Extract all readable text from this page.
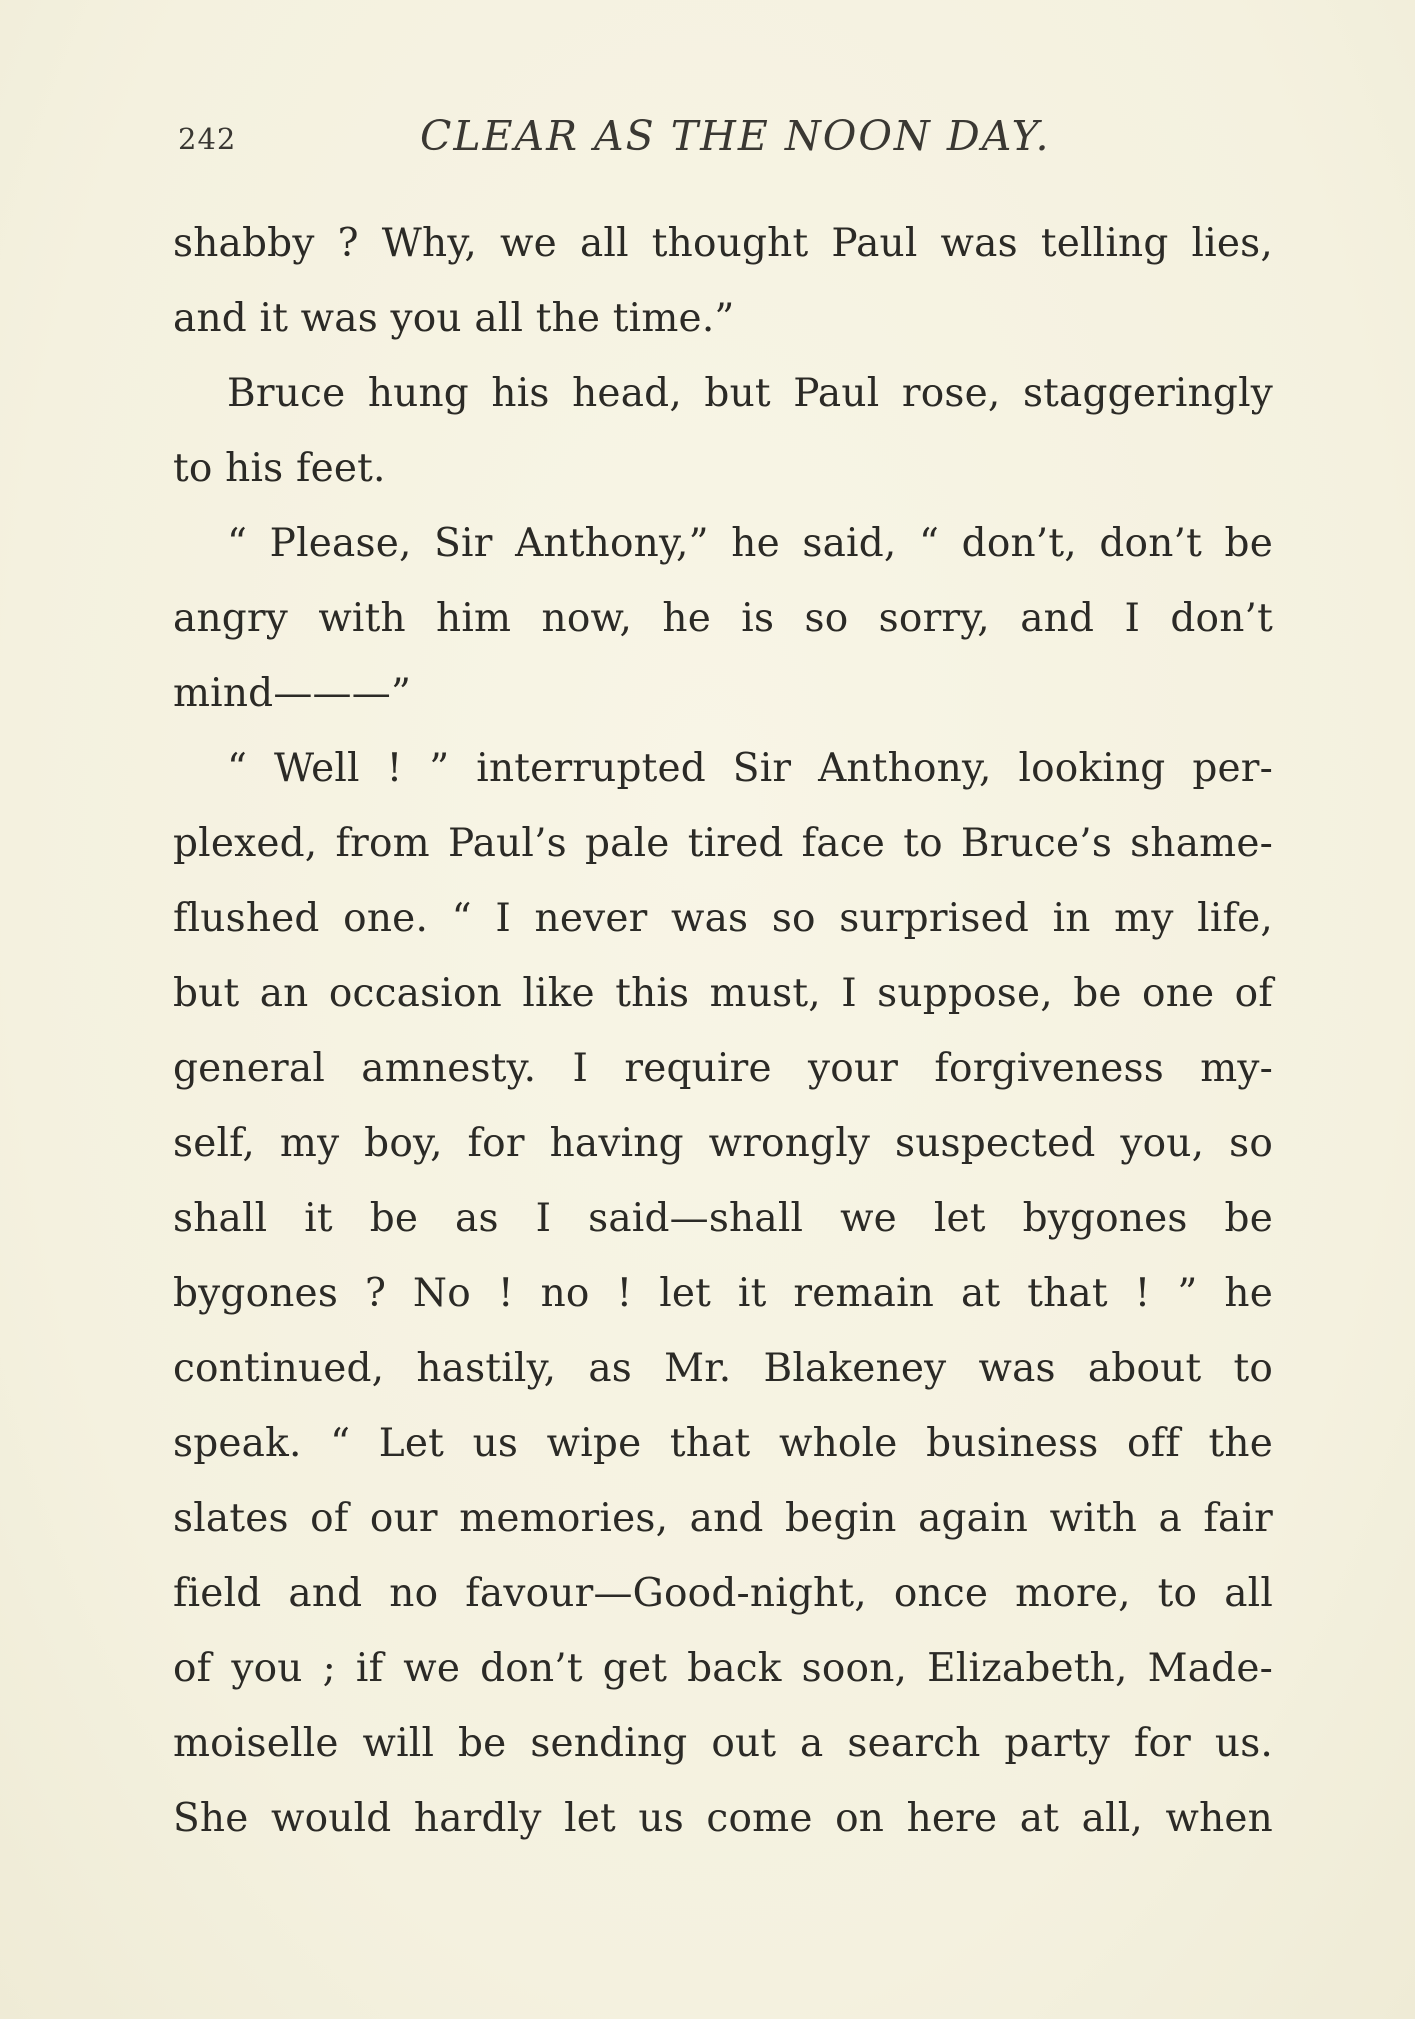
242	CLEAR AS THE NOON DAY.
shabby ? Why, we all thought Paul was telling lies,
and it was you all the time.”
Bruce hung his head, but Paul rose, staggeringly
to his feet.
“ Please, Sir Anthony,” he said, “ don’t, don’t be
angry with him now, he is so sorry, and I don’t
mind———”
“ Well ! ” interrupted Sir Anthony, looking per-
plexed, from Paul’s pale tired face to Bruce’s shame-
flushed one. “ I never was so surprised in my life,
but an occasion like this must, I suppose, be one of
general amnesty. I require your forgiveness my-
self, my boy, for having wrongly suspected you, so
shall it be as I said—shall we let bygones be
bygones ? No ! no ! let it remain at that ! ” he
continued, hastily, as Mr. Blakeney was about to
speak. “ Let us wipe that whole business off the
slates of our memories, and begin again with a fair
field and no favour—Good-night, once more, to all
of you ; if we don’t get back soon, Elizabeth, Made-
moiselle will be sending out a search party for us.
She would hardly let us come on here at all, when
